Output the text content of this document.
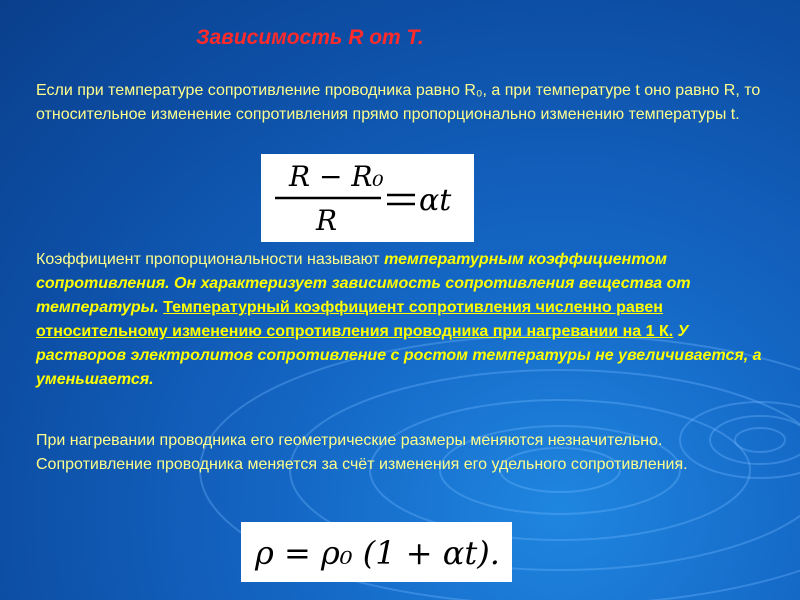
Зависимость R от T.
Если при температуре сопротивление проводника равно R₀, а при температуре t оно равно R, то относительное изменение сопротивления прямо пропорционально изменению температуры t.
R − R₀
R
αt
Коэффициент пропорциональности называют температурным коэффициентом сопротивления. Он характеризует зависимость сопротивления вещества от температуры. Температурный коэффициент сопротивления численно равен относительному изменению сопротивления проводника при нагревании на 1 К. У растворов электролитов сопротивление с ростом температуры не увеличивается, а уменьшается.
При нагревании проводника его геометрические размеры меняются незначительно. Сопротивление проводника меняется за счёт изменения его удельного сопротивления.
ρ = ρ₀ (1 + αt).
